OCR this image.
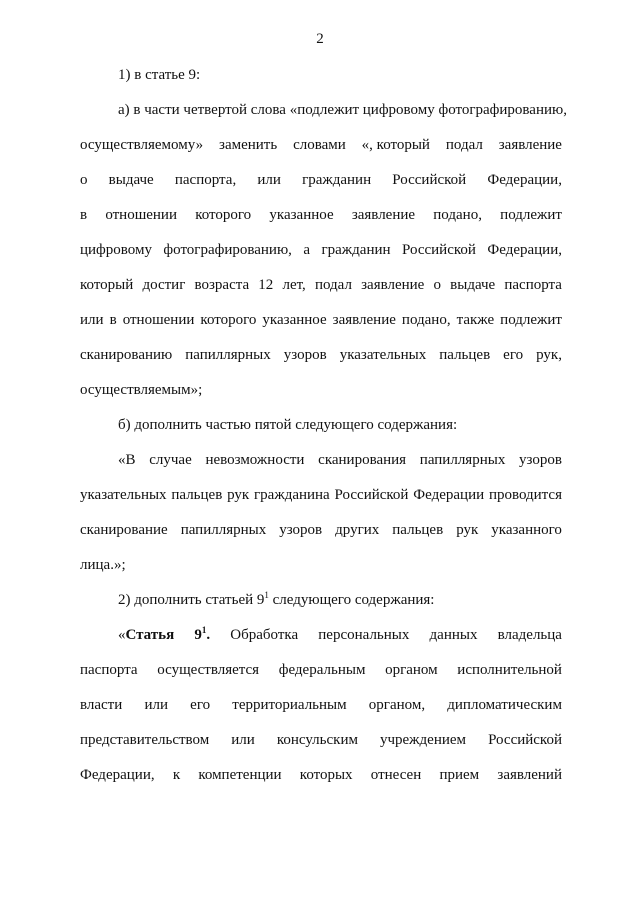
2
1) в статье 9:
а) в части четвертой слова «подлежит цифровому фотографированию,
осуществляемому» заменить словами «, который подал заявление
о выдаче паспорта, или гражданин Российской Федерации,
в отношении которого указанное заявление подано, подлежит
цифровому фотографированию, а гражданин Российской Федерации,
который достиг возраста 12 лет, подал заявление о выдаче паспорта
или в отношении которого указанное заявление подано, также подлежит
сканированию папиллярных узоров указательных пальцев его рук,
осуществляемым»;
б) дополнить частью пятой следующего содержания:
«В случае невозможности сканирования папиллярных узоров
указательных пальцев рук гражданина Российской Федерации проводится
сканирование папиллярных узоров других пальцев рук указанного
лица.»;
2) дополнить статьей $9^1$ следующего содержания:
«Статья $9^1$. Обработка персональных данных владельца
паспорта осуществляется федеральным органом исполнительной
власти или его территориальным органом, дипломатическим
представительством или консульским учреждением Российской
Федерации, к компетенции которых отнесен прием заявлений
